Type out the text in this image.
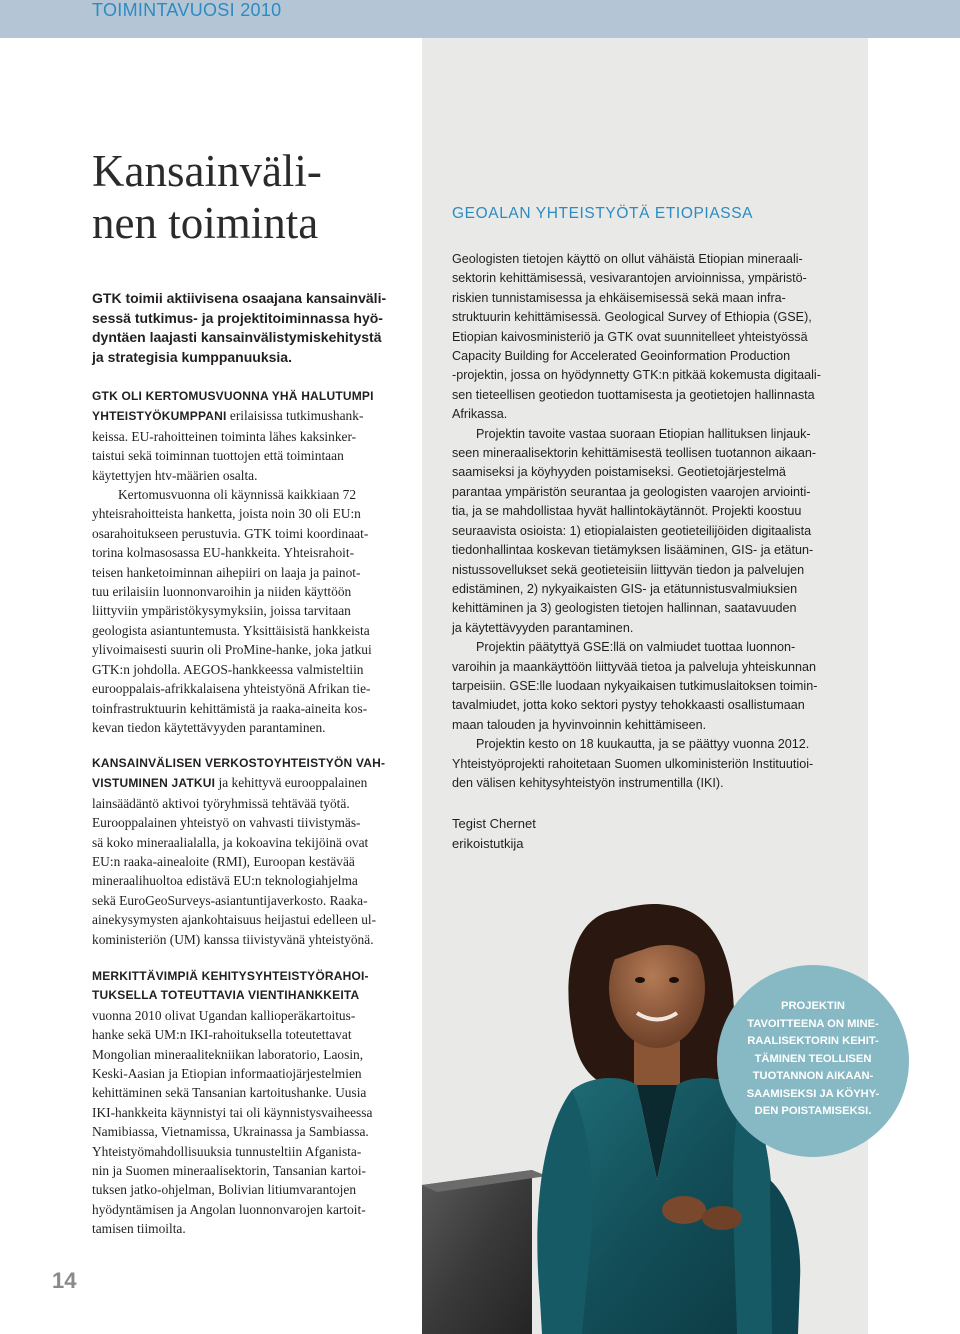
TOIMINTAVUOSI 2010
Kansainväli-
nen toiminta
GTK toimii aktiivisena osaajana kansainväli-
sessä tutkimus- ja projektitoiminnassa hyö-
dyntäen laajasti kansainvälistymiskehitystä
ja strategisia kumppanuuksia.
GTK OLI KERTOMUSVUONNA YHÄ HALUTUMPI
YHTEISTYÖKUMPPANI erilaisissa tutkimushank-
keissa. EU-rahoitteinen toiminta lähes kaksinker-
taistui sekä toiminnan tuottojen että toimintaan
käytettyjen htv-määrien osalta.
Kertomusvuonna oli käynnissä kaikkiaan 72
yhteisrahoitteista hanketta, joista noin 30 oli EU:n
osarahoitukseen perustuvia. GTK toimi koordinaat-
torina kolmasosassa EU-hankkeita. Yhteisrahoit-
teisen hanketoiminnan aihepiiri on laaja ja painot-
tuu erilaisiin luonnonvaroihin ja niiden käyttöön
liittyviin ympäristökysymyksiin, joissa tarvitaan
geologista asiantuntemusta. Yksittäisistä hankkeista
ylivoimaisesti suurin oli ProMine-hanke, joka jatkui
GTK:n johdolla. AEGOS-hankkeessa valmisteltiin
eurooppalais-afrikkalaisena yhteistyönä Afrikan tie-
toinfrastruktuurin kehittämistä ja raaka-aineita kos-
kevan tiedon käytettävyyden parantaminen.
KANSAINVÄLISEN VERKOSTOYHTEISTYÖN VAH-
VISTUMINEN JATKUI ja kehittyvä eurooppalainen
lainsäädäntö aktivoi työryhmissä tehtävää työtä.
Eurooppalainen yhteistyö on vahvasti tiivistymäs-
sä koko mineraalialalla, ja kokoavina tekijöinä ovat
EU:n raaka-ainealoite (RMI), Euroopan kestävää
mineraalihuoltoa edistävä EU:n teknologiahjelma
sekä EuroGeoSurveys-asiantuntijaverkosto. Raaka-
ainekysymysten ajankohtaisuus heijastui edelleen ul-
koministeriön (UM) kanssa tiivistyvänä yhteistyönä.
MERKITTÄVIMPIÄ KEHITYSYHTEISTYÖRAHOI-
TUKSELLA TOTEUTTAVIA VIENTIHANKKEITA
vuonna 2010 olivat Ugandan kallioperäkartoitus-
hanke sekä UM:n IKI-rahoituksella toteutettavat
Mongolian mineraalitekniikan laboratorio, Laosin,
Keski-Aasian ja Etiopian informaatiojärjestelmien
kehittäminen sekä Tansanian kartoitushanke. Uusia
IKI-hankkeita käynnistyi tai oli käynnistysvaiheessa
Namibiassa, Vietnamissa, Ukrainassa ja Sambiassa.
Yhteistyömahdollisuuksia tunnusteltiin Afganista-
nin ja Suomen mineraalisektorin, Tansanian kartoi-
tuksen jatko-ohjelman, Bolivian litiumvarantojen
hyödyntämisen ja Angolan luonnonvarojen kartoit-
tamisen tiimoilta.
GEOALAN YHTEISTYÖTÄ ETIOPIASSA
Geologisten tietojen käyttö on ollut vähäistä Etiopian mineraali-
sektorin kehittämisessä, vesivarantojen arvioinnissa, ympäristö-
riskien tunnistamisessa ja ehkäisemisessä sekä maan infra-
struktuurin kehittämisessä. Geological Survey of Ethiopia (GSE),
Etiopian kaivosministeriö ja GTK ovat suunnitelleet yhteistyössä
Capacity Building for Accelerated Geoinformation Production
-projektin, jossa on hyödynnetty GTK:n pitkää kokemusta digitaali-
sen tieteellisen geotiedon tuottamisesta ja geotietojen hallinnasta
Afrikassa.
Projektin tavoite vastaa suoraan Etiopian hallituksen linjauk-
seen mineraalisektorin kehittämisestä teollisen tuotannon aikaan-
saamiseksi ja köyhyyden poistamiseksi. Geotietojärjestelmä
parantaa ympäristön seurantaa ja geologisten vaarojen arviointi-
tia, ja se mahdollistaa hyvät hallintokäytännöt. Projekti koostuu
seuraavista osioista: 1) etiopialaisten geotieteilijöiden digitaalista
tiedonhallintaa koskevan tietämyksen lisääminen, GIS- ja etätun-
nistussovellukset sekä geotieteisiin liittyvän tiedon ja palvelujen
edistäminen, 2) nykyaikaisten GIS- ja etätunnistusvalmiuksien
kehittäminen ja 3) geologisten tietojen hallinnan, saatavuuden
ja käytettävyyden parantaminen.
Projektin päätyttyä GSE:llä on valmiudet tuottaa luonnon-
varoihin ja maankäyttöön liittyvää tietoa ja palveluja yhteiskunnan
tarpeisiin. GSE:lle luodaan nykyaikaisen tutkimuslaitoksen toimin-
tavalmiudet, jotta koko sektori pystyy tehokkaasti osallistumaan
maan talouden ja hyvinvoinnin kehittämiseen.
Projektin kesto on 18 kuukautta, ja se päättyy vuonna 2012.
Yhteistyöprojekti rahoitetaan Suomen ulkoministeriön Instituutioi-
den välisen kehitysyhteistyön instrumentilla (IKI).
Tegist Chernet
erikoistutkija
PROJEKTIN
TAVOITTEENA ON MINE-
RAALISEKTORIN KEHIT-
TÄMINEN TEOLLISEN
TUOTANNON AIKAAN-
SAAMISEKSI JA KÖYHY-
DEN POISTAMISEKSI.
14
